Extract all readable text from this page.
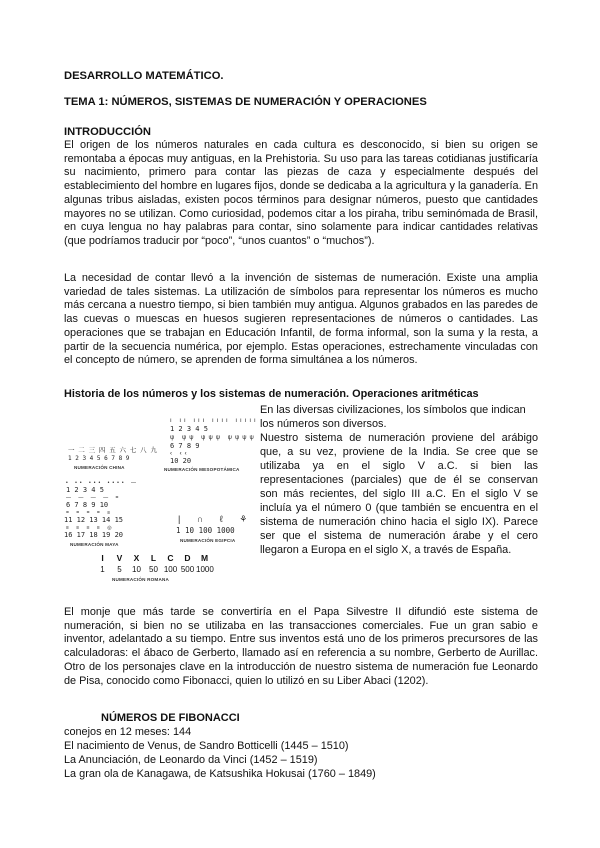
DESARROLLO MATEMÁTICO.
TEMA 1: NÚMEROS, SISTEMAS DE NUMERACIÓN Y OPERACIONES
INTRODUCCIÓN
El origen de los números naturales en cada cultura es desconocido, si bien su origen se remontaba a épocas muy antiguas, en la Prehistoria. Su uso para las tareas cotidianas justificaría su nacimiento, primero para contar las piezas de caza y especialmente después del establecimiento del hombre en lugares fijos, donde se dedicaba a la agricultura y la ganadería. En algunas tribus aisladas, existen pocos términos para designar números, puesto que cantidades mayores no se utilizan. Como curiosidad, podemos citar a los piraha, tribu seminómada de Brasil, en cuya lengua no hay palabras para contar, sino solamente para indicar cantidades relativas (que podríamos traducir por “poco”, “unos cuantos” o “muchos”).
La necesidad de contar llevó a la invención de sistemas de numeración. Existe una amplia variedad de tales sistemas. La utilización de símbolos para representar los números es mucho más cercana a nuestro tiempo, si bien también muy antigua. Algunos grabados en las paredes de las cuevas o muescas en huesos sugieren representaciones de números o cantidades. Las operaciones que se trabajan en Educación Infantil, de forma informal, son la suma y la resta, a partir de la secuencia numérica, por ejemplo. Estas operaciones, estrechamente vinculadas con el concepto de número, se aprenden de forma simultánea a los números.
Historia de los números y los sistemas de numeración. Operaciones aritméticas
En las diversas civilizaciones, los símbolos que indican
los números son diversos.
Nuestro sistema de numeración proviene del arábigo
que, a su vez, proviene de la India. Se cree que se
utilizaba ya en el siglo V a.C. si bien las
representaciones (parciales) que de él se conservan
son más recientes, del siglo III a.C. En el siglo V se
incluía ya el número 0 (que también se encuentra en el
sistema de numeración chino hacia el siglo IX). Parece
ser que el sistema de numeración árabe y el cero
llegaron a Europa en el siglo X, a través de España.
一 二 三 四 五 六 七 八 九
1 2 3 4 5 6 7 8 9
NUMERACIÓN CHINA
ı ıı ııı ıııı ııııı
1 2 3 4 5
ψ ψψ ψψψ ψψψψ
6 7 8 9
‹ ‹‹
10 20
NUMERACIÓN MESOPOTÁMICA
• •• ••• •••• —
1 2 3 4 5
— — — — =
6 7 8 9 10
= = = = ≡
11 12 13 14 15
≡ ≡ ≡ ≡ ◎
16 17 18 19 20
NUMERACIÓN MAYA
| ∩ ℓ ⚘
1 10 100 1000
NUMERACIÓN EGIPCIA
I V X L C D M
1 5 10 50 100 500 1000
NUMERACIÓN ROMANA
El monje que más tarde se convertiría en el Papa Silvestre II difundió este sistema de numeración, si bien no se utilizaba en las transacciones comerciales. Fue un gran sabio e inventor, adelantado a su tiempo. Entre sus inventos está uno de los primeros precursores de las calculadoras: el ábaco de Gerberto, llamado así en referencia a su nombre, Gerberto de Aurillac. Otro de los personajes clave en la introducción de nuestro sistema de numeración fue Leonardo de Pisa, conocido como Fibonacci, quien lo utilizó en su Liber Abaci (1202).
NÚMEROS DE FIBONACCI
conejos en 12 meses: 144
El nacimiento de Venus, de Sandro Botticelli (1445 – 1510)
La Anunciación, de Leonardo da Vinci (1452 – 1519)
La gran ola de Kanagawa, de Katsushika Hokusai (1760 – 1849)
